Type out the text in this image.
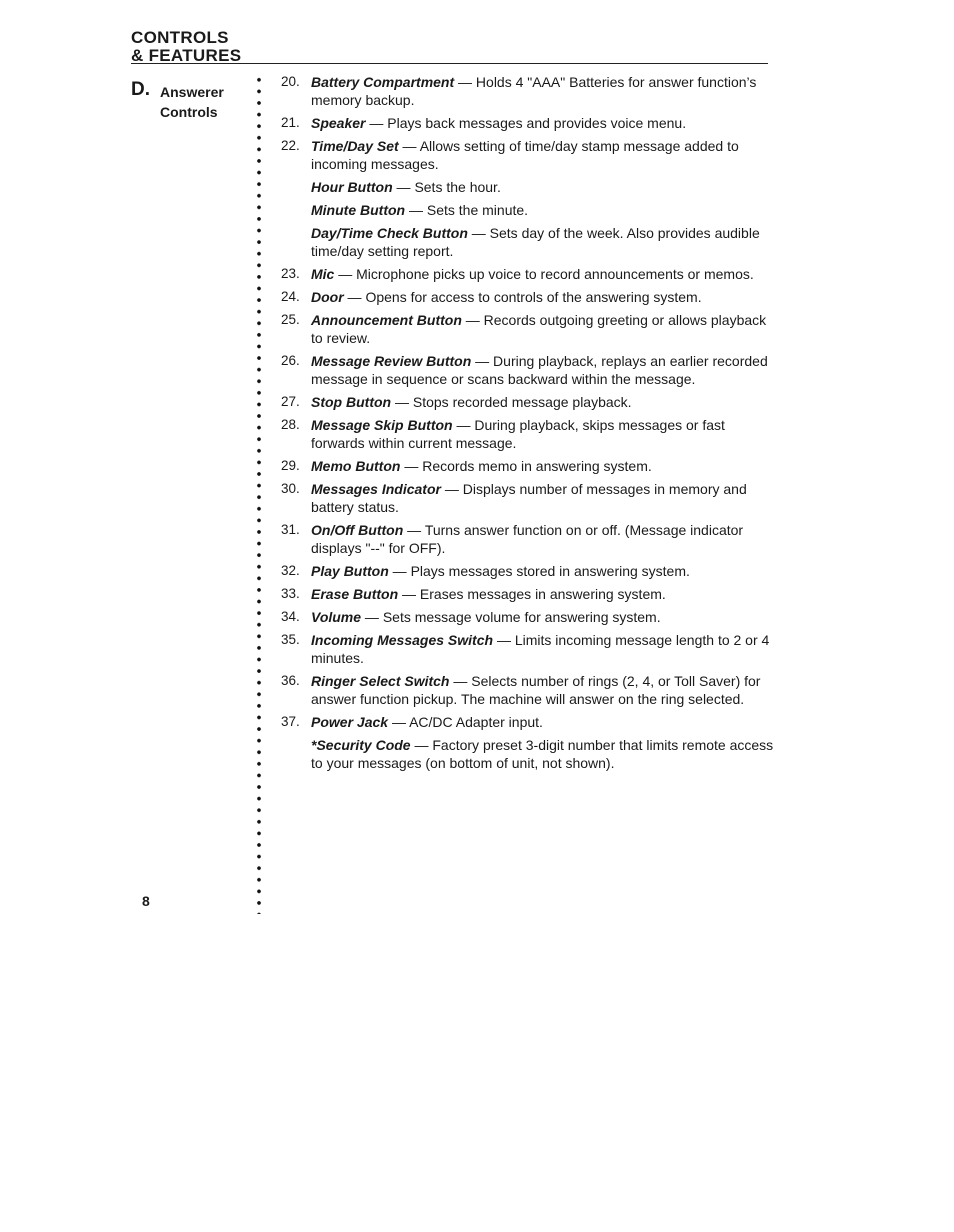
CONTROLS
& FEATURES
D. Answerer
Controls
20. Battery Compartment — Holds 4 "AAA" Batteries for answer function’s memory backup.
21. Speaker — Plays back messages and provides voice menu.
22. Time/Day Set — Allows setting of time/day stamp message added to incoming messages.
Hour Button — Sets the hour.
Minute Button — Sets the minute.
Day/Time Check Button — Sets day of the week. Also provides audible time/day setting report.
23. Mic — Microphone picks up voice to record announcements or memos.
24. Door — Opens for access to controls of the answering system.
25. Announcement Button — Records outgoing greeting or allows playback to review.
26. Message Review Button — During playback, replays an earlier recorded message in sequence or scans backward within the message.
27. Stop Button — Stops recorded message playback.
28. Message Skip Button — During playback, skips messages or fast forwards within current message.
29. Memo Button — Records memo in answering system.
30. Messages Indicator — Displays number of messages in memory and battery status.
31. On/Off Button — Turns answer function on or off. (Message indicator displays "--" for OFF).
32. Play Button — Plays messages stored in answering system.
33. Erase Button — Erases messages in answering system.
34. Volume — Sets message volume for answering system.
35. Incoming Messages Switch — Limits incoming message length to 2 or 4 minutes.
36. Ringer Select Switch — Selects number of rings (2, 4, or Toll Saver) for answer function pickup. The machine will answer on the ring selected.
37. Power Jack — AC/DC Adapter input.
*Security Code — Factory preset 3-digit number that limits remote access to your messages (on bottom of unit, not shown).
8
